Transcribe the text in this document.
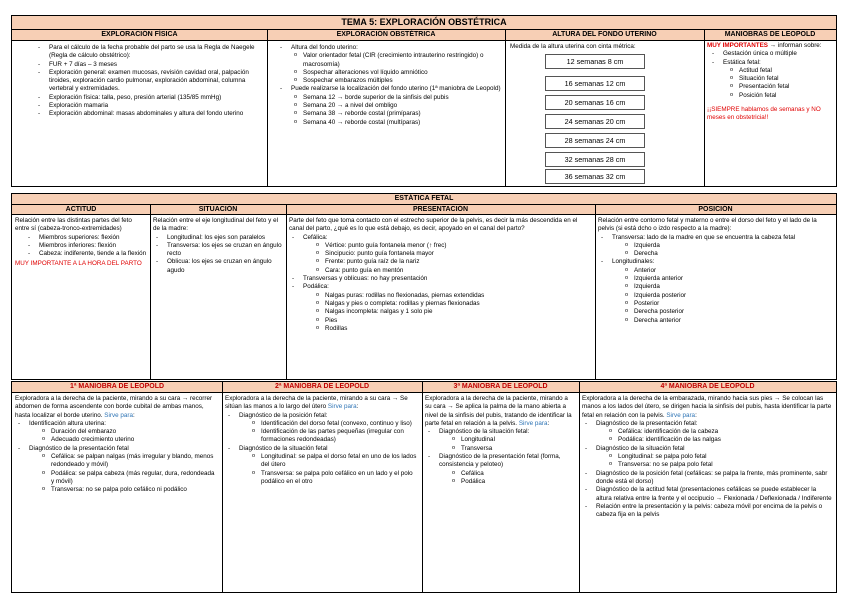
TEMA 5: EXPLORACIÓN OBSTÉTRICA
EXPLORACIÓN FÍSICA	EXPLORACIÓN OBSTÉTRICA	ALTURA DEL FONDO UTERINO	MANIOBRAS DE LEOPOLD
- Para el cálculo de la fecha probable del parto se usa la Regla de Naegele (Regla de cálculo obstétrico):
- FUR + 7 días – 3 meses
- Exploración general: examen mucosas, revisión cavidad oral, palpación tiroides, exploración cardio pulmonar, exploración abdominal, columna vertebral y extremidades.
- Exploración física: talla, peso, presión arterial (135/85 mmHg)
- Exploración mamaria
- Exploración abdominal: masas abdominales y altura del fondo uterino
- Altura del fondo uterino:
o Valor orientador fetal (CIR (crecimiento intrauterino restringido) o macrosomía)
o Sospechar alteraciones vol líquido amniótico
o Sospechar embarazos múltiples
- Puede realizarse la localización del fondo uterino (1ª maniobra de Leopold)
o Semana 12 → borde superior de la sinfisis del pubis
o Semana 20 → a nivel del ombligo
o Semana 38 → reborde costal (primíparas)
o Semana 40 → reborde costal (multíparas)
Medida de la altura uterina con cinta métrica:
12 semanas 8 cm
16 semanas 12 cm
20 semanas 16 cm
24 semanas 20 cm
28 semanas 24 cm
32 semanas 28 cm
36 semanas 32 cm

MUY IMPORTANTES → informan sobre:

- Gestación única o múltiple
- Estática fetal:
o Actitud fetal
o Situación fetal
o Presentación fetal
o Posición fetal

¡¡SIEMPRE hablamos de semanas y NO meses en obstetricia!!

ESTÁTICA FETAL
ACTITUD	SITUACIÓN	PRESENTACIÓN	POSICIÓN

Relación entre las distintas partes del feto entre sí (cabeza-tronco-extremidades)

- Miembros superiores: flexión
- Miembros inferiores: flexión
- Cabeza: indiferente, tiende a la flexión

MUY IMPORTANTE A LA HORA DEL PARTO

Relación entre el eje longitudinal del feto y el de la madre:

- Longitudinal: los ejes son paralelos
- Transversa: los ejes se cruzan en ángulo recto
- Oblicua: los ejes se cruzan en ángulo agudo

Parte del feto que toma contacto con el estrecho superior de la pelvis, es decir la más descendida en el canal del parto, ¿qué es lo que está debajo, es decir, apoyado en el canal del parto?

- Cefálica:
o Vértice: punto guía fontanela menor (↑ frec)
o Sincipucio: punto guía fontanela mayor
o Frente: punto guía raíz de la nariz
o Cara: punto guía en mentón
- Transversas y oblicuas: no hay presentación
- Podálica:
o Nalgas puras: rodillas no flexionadas, piernas extendidas
o Nalgas y pies o completa: rodillas y piernas flexionadas
o Nalgas incompleta: nalgas y 1 solo pie
o Pies
o Rodillas

Relación entre contorno fetal y materno o entre el dorso del feto y el lado de la pelvis (si está dcho o izdo respecto a la madre):

- Transversa: lado de la madre en que se encuentra la cabeza fetal
o Izquierda
o Derecha
- Longitudinales:
o Anterior
o Izquierda anterior
o Izquierda
o Izquierda posterior
o Posterior
o Derecha posterior
o Derecha anterior
1ª MANIOBRA DE LEOPOLD	2ª MANIOBRA DE LEOPOLD	3ª MANIOBRA DE LEOPOLD	4ª MANIOBRA DE LEOPOLD

Exploradora a la derecha de la paciente, mirando a su cara → recorrer abdomen de forma ascendente con borde cubital de ambas manos, hasta localizar el borde uterino. Sirve para:

- Identificación altura uterina:
o Duración del embarazo
o Adecuado crecimiento uterino
- Diagnóstico de la presentación fetal
o Cefálica: se palpan nalgas (más irregular y blando, menos redondeado y móvil)
o Podálica: se palpa cabeza (más regular, dura, redondeada y móvil)
o Transversa: no se palpa polo cefálico ni podálico

Exploradora a la derecha de la paciente, mirando a su cara → Se sitúan las manos a lo largo del útero Sirve para:

- Diagnóstico de la posición fetal:
o Identificación del dorso fetal (convexo, continuo y liso)
o Identificación de las partes pequeñas (irregular con formaciones redondeadas)
- Diagnóstico de la situación fetal
o Longitudinal: se palpa el dorso fetal en uno de los lados del útero
o Transversa: se palpa polo cefálico en un lado y el polo podálico en el otro

Exploradora a la derecha de la paciente, mirando a su cara → Se aplica la palma de la mano abierta a nivel de la sinfisis del pubis, tratando de identificar la parte fetal en relación a la pelvis. Sirve para:

- Diagnóstico de la situación fetal:
o Longitudinal
o Transversa
- Diagnóstico de la presentación fetal (forma, consistencia y peloteo)
o Cefálica
o Podálica

Exploradora a la derecha de la embarazada, mirando hacia sus pies → Se colocan las manos a los lados del útero, se dirigen hacia la sinfisis del pubis, hasta identificar la parte fetal en relación con la pelvis. Sirve para:

- Diagnóstico de la presentación fetal:
o Cefálica: identificación de la cabeza
o Podálica: identificación de las nalgas
- Diagnóstico de la situación fetal
o Longitudinal: se palpa polo fetal
o Transversa: no se palpa polo fetal
- Diagnóstico de la posición fetal (cefálicas: se palpa la frente, más prominente, sabr donde está el dorso)
- Diagnóstico de la actitud fetal (presentaciones cefálicas se puede establecer la altura relativa entre la frente y el occipucio → Flexionada / Deflexionada / Indiferente
- Relación entre la presentación y la pelvis: cabeza móvil por encima de la pelvis o cabeza fija en la pelvis
